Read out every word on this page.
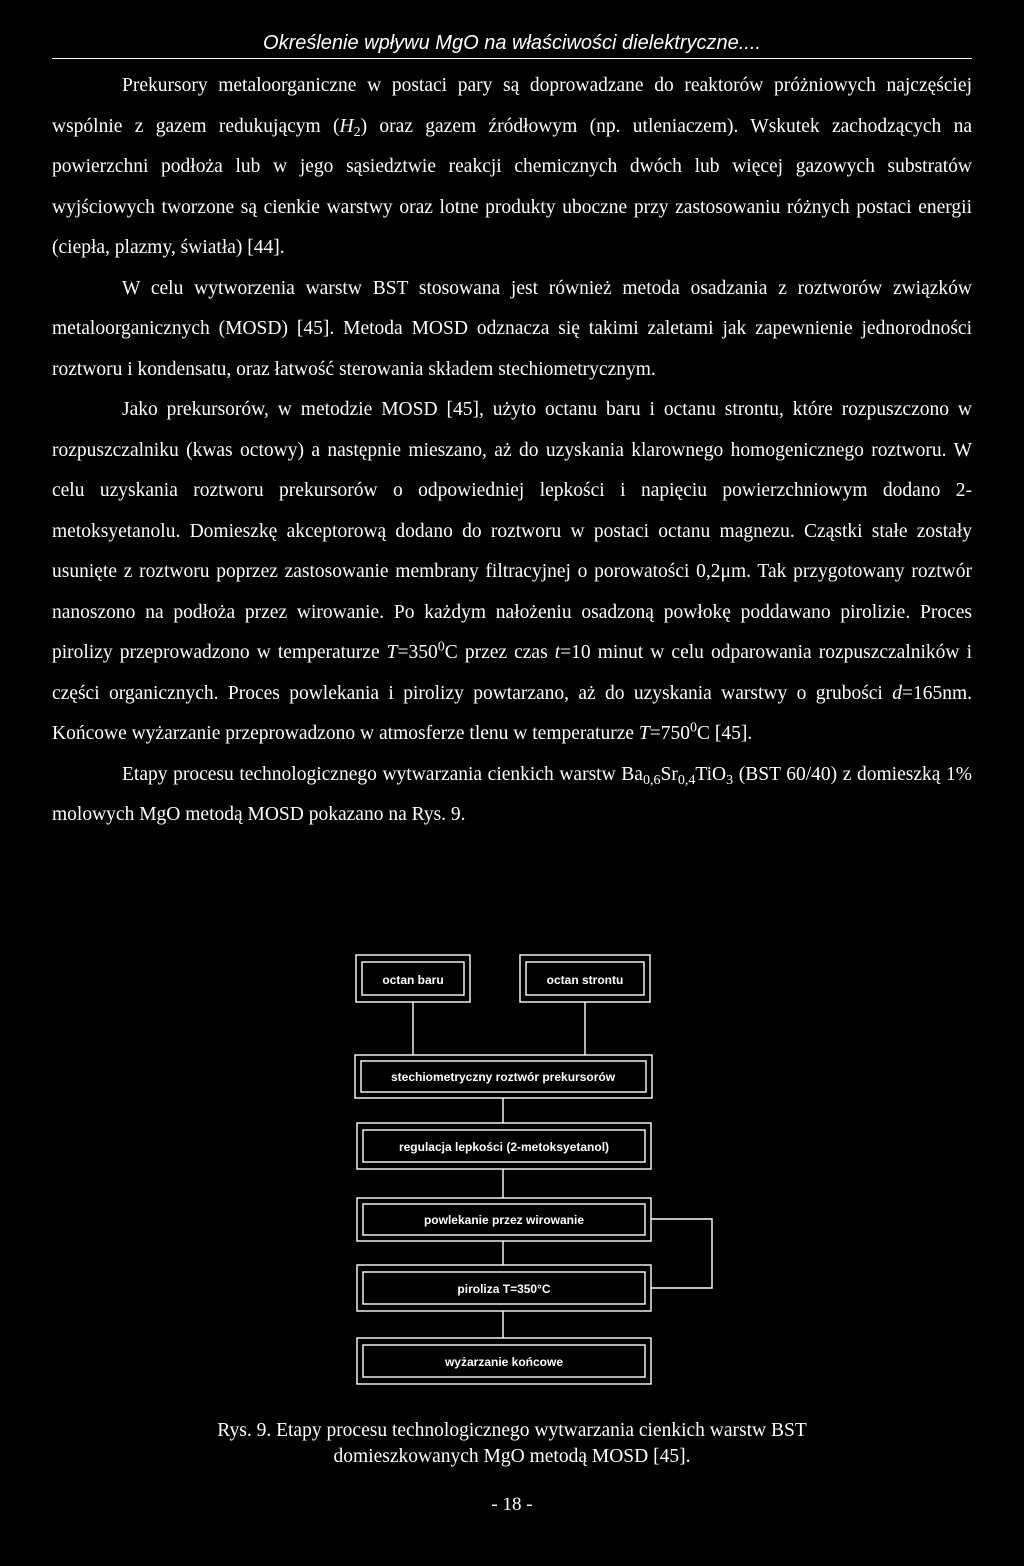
Określenie wpływu MgO na właściwości dielektryczne....

Prekursory metaloorganiczne w postaci pary są doprowadzane do reaktorów próżniowych najczęściej wspólnie z gazem redukującym $(H_2)$ oraz gazem źródłowym (np. utleniaczem). Wskutek zachodzących na powierzchni podłoża lub w jego sąsiedztwie reakcji chemicznych dwóch lub więcej gazowych substratów wyjściowych tworzone są cienkie warstwy oraz lotne produkty uboczne przy zastosowaniu różnych postaci energii (ciepła, plazmy, światła) [44].

W celu wytworzenia warstw BST stosowana jest również metoda osadzania z roztworów związków metaloorganicznych (MOSD) [45]. Metoda MOSD odznacza się takimi zaletami jak zapewnienie jednorodności roztworu i kondensatu, oraz łatwość sterowania składem stechiometrycznym.

Jako prekursorów, w metodzie MOSD [45], użyto octanu baru i octanu strontu, które rozpuszczono w rozpuszczalniku (kwas octowy) a następnie mieszano, aż do uzyskania klarownego homogenicznego roztworu. W celu uzyskania roztworu prekursorów o odpowiedniej lepkości i napięciu powierzchniowym dodano 2-metoksyetanolu. Domieszkę akceptorową dodano do roztworu w postaci octanu magnezu. Cząstki stałe zostały usunięte z roztworu poprzez zastosowanie membrany filtracyjnej o porowatości 0,2μm. Tak przygotowany roztwór nanoszono na podłoża przez wirowanie. Po każdym nałożeniu osadzoną powłokę poddawano pirolizie. Proces pirolizy przeprowadzono w temperaturze $T=350^0C$ przez czas t=10 minut w celu odparowania rozpuszczalników i części organicznych. Proces powlekania i pirolizy powtarzano, aż do uzyskania warstwy o grubości d=165nm. Końcowe wyżarzanie przeprowadzono w atmosferze tlenu w temperaturze $T=750^0C$ [45].

Etapy procesu technologicznego wytwarzania cienkich warstw $Ba_{0,6}Sr_{0,4}TiO_3$ (BST 60/40) z domieszką 1% molowych MgO metodą MOSD pokazano na Rys. 9.

octan baru	octan strontu
stechiometryczny roztwór prekursorów
regulacja lepkości (2-metoksyetanol)
powlekanie przez wirowanie
piroliza T=350°C
wyżarzanie końcowe
Rys. 9. Etapy procesu technologicznego wytwarzania cienkich warstw BST
domieszkowanych MgO metodą MOSD [45].
- 18 -
